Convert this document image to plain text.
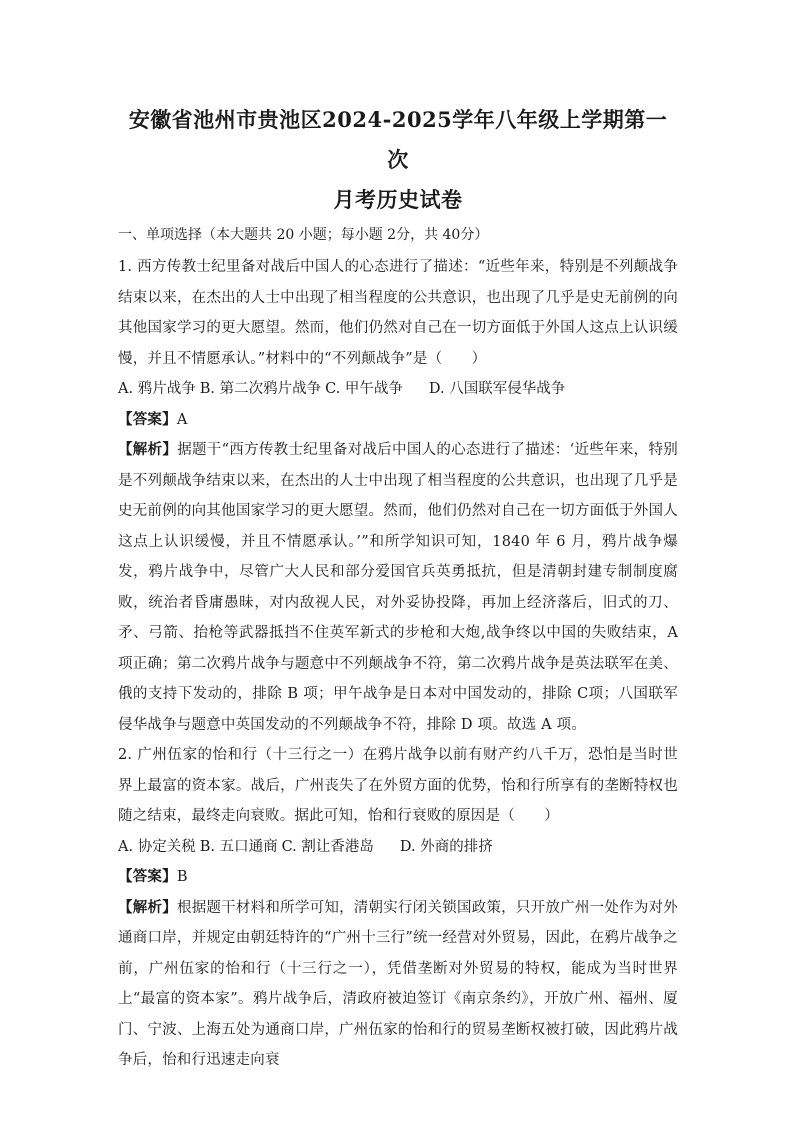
安徽省池州市贵池区2024-2025学年八年级上学期第一次
月考历史试卷

一、单项选择（本大题共 20 小题；每小题 2分，共 40分）

1. 西方传教士纪里备对战后中国人的心态进行了描述：“近些年来，特别是不列颠战争结束以来，在杰出的人士中出现了相当程度的公共意识，也出现了几乎是史无前例的向其他国家学习的更大愿望。然而，他们仍然对自己在一切方面低于外国人这点上认识缓慢，并且不情愿承认。”材料中的“不列颠战争”是（　　）

A. 鸦片战争 B. 第二次鸦片战争 C. 甲午战争 D. 八国联军侵华战争

【答案】A

【解析】据题干“西方传教士纪里备对战后中国人的心态进行了描述：‘近些年来，特别是不列颠战争结束以来，在杰出的人士中出现了相当程度的公共意识，也出现了几乎是史无前例的向其他国家学习的更大愿望。然而，他们仍然对自己在一切方面低于外国人这点上认识缓慢，并且不情愿承认。’”和所学知识可知，1840 年 6 月，鸦片战争爆发，鸦片战争中，尽管广大人民和部分爱国官兵英勇抵抗，但是清朝封建专制制度腐败，统治者昏庸愚昧，对内敌视人民，对外妥协投降，再加上经济落后，旧式的刀、矛、弓箭、抬枪等武器抵挡不住英军新式的步枪和大炮,战争终以中国的失败结束，A 项正确；第二次鸦片战争与题意中不列颠战争不符，第二次鸦片战争是英法联军在美、俄的支持下发动的，排除 B 项；甲午战争是日本对中国发动的，排除 C项；八国联军侵华战争与题意中英国发动的不列颠战争不符，排除 D 项。故选 A 项。

2. 广州伍家的怡和行（十三行之一）在鸦片战争以前有财产约八千万，恐怕是当时世界上最富的资本家。战后，广州丧失了在外贸方面的优势，怡和行所享有的垄断特权也随之结束，最终走向衰败。据此可知，怡和行衰败的原因是（　　）

A. 协定关税 B. 五口通商 C. 割让香港岛 D. 外商的排挤

【答案】B

【解析】根据题干材料和所学可知，清朝实行闭关锁国政策，只开放广州一处作为对外通商口岸，并规定由朝廷特许的“广州十三行”统一经营对外贸易，因此，在鸦片战争之前，广州伍家的怡和行（十三行之一），凭借垄断对外贸易的特权，能成为当时世界上“最富的资本家”。鸦片战争后，清政府被迫签订《南京条约》，开放广州、福州、厦门、宁波、上海五处为通商口岸，广州伍家的怡和行的贸易垄断权被打破，因此鸦片战争后，怡和行迅速走向衰
